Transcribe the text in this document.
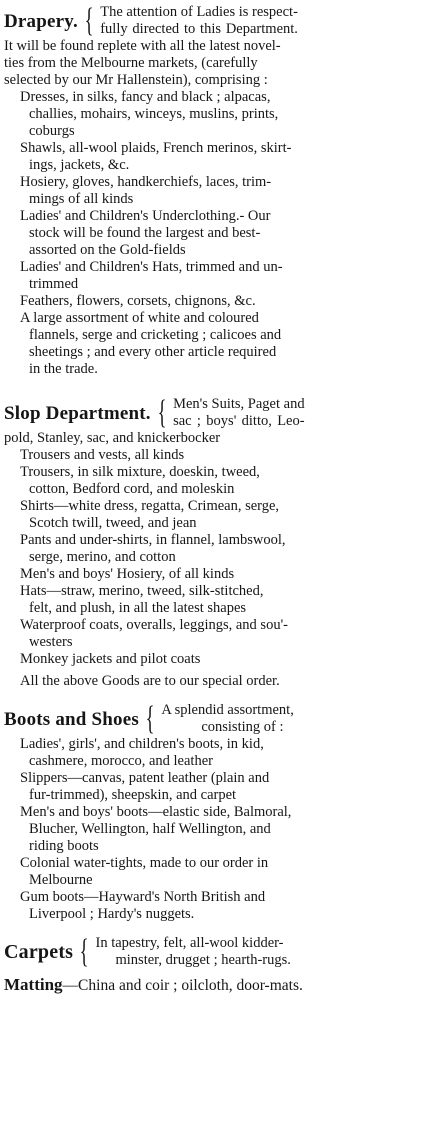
Drapery. { The attention of Ladies is respect-
fully directed to this Department.
It will be found replete with all the latest novel-
ties from the Melbourne markets, (carefully
selected by our Mr Hallenstein), comprising :
Dresses, in silks, fancy and black ; alpacas,
challies, mohairs, winceys, muslins, prints,
coburgs
Shawls, all-wool plaids, French merinos, skirt-
ings, jackets, &c.
Hosiery, gloves, handkerchiefs, laces, trim-
mings of all kinds
Ladies' and Children's Underclothing.- Our
stock will be found the largest and best-
assorted on the Gold-fields
Ladies' and Children's Hats, trimmed and un-
trimmed
Feathers, flowers, corsets, chignons, &c.
A large assortment of white and coloured
flannels, serge and cricketing ; calicoes and
sheetings ; and every other article required
in the trade.
Slop Department. { Men's Suits, Paget and
sac ; boys' ditto, Leo-
pold, Stanley, sac, and knickerbocker
Trousers and vests, all kinds
Trousers, in silk mixture, doeskin, tweed,
cotton, Bedford cord, and moleskin
Shirts—white dress, regatta, Crimean, serge,
Scotch twill, tweed, and jean
Pants and under-shirts, in flannel, lambswool,
serge, merino, and cotton
Men's and boys' Hosiery, of all kinds
Hats—straw, merino, tweed, silk-stitched,
felt, and plush, in all the latest shapes
Waterproof coats, overalls, leggings, and sou'-
westers
Monkey jackets and pilot coats
All the above Goods are to our special order.
Boots and Shoes { A splendid assortment,
consisting of :
Ladies', girls', and children's boots, in kid,
cashmere, morocco, and leather
Slippers—canvas, patent leather (plain and
fur-trimmed), sheepskin, and carpet
Men's and boys' boots—elastic side, Balmoral,
Blucher, Wellington, half Wellington, and
riding boots
Colonial water-tights, made to our order in
Melbourne
Gum boots—Hayward's North British and
Liverpool ; Hardy's nuggets.
Carpets { In tapestry, felt, all-wool kidder-
minster, drugget ; hearth-rugs.
Matting—China and coir ; oilcloth, door-mats.
